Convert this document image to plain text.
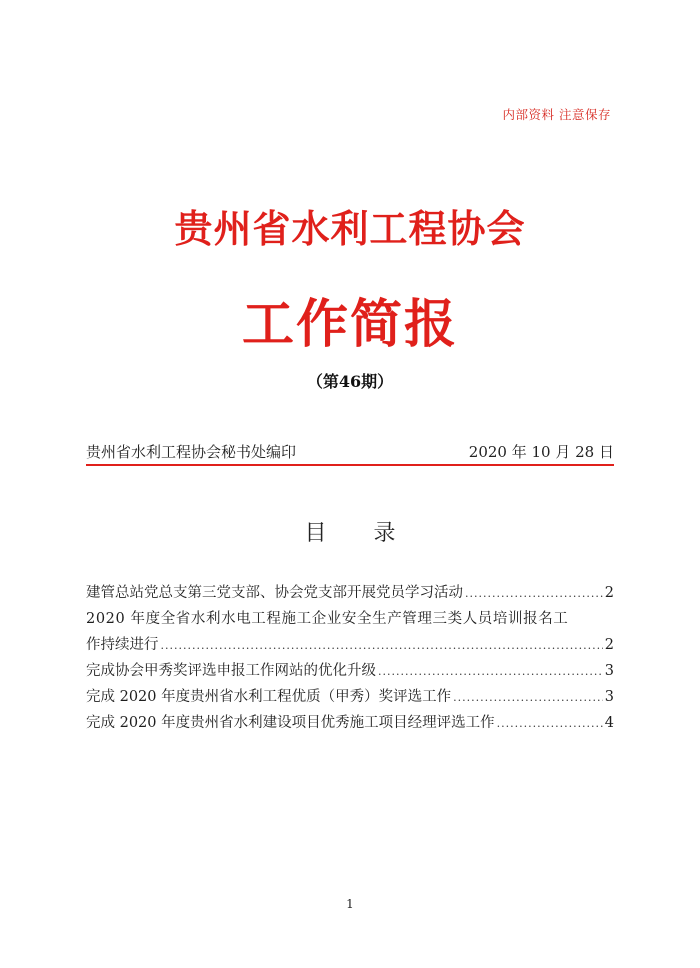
内部资料 注意保存
贵州省水利工程协会
工作简报
（第46期）
贵州省水利工程协会秘书处编印	2020 年 10 月 28 日
目 录
建管总站党总支第三党支部、协会党支部开展党员学习活动 .....	2
2020 年度全省水利水电工程施工企业安全生产管理三类人员培训报名工
作持续进行 .....	2
完成协会甲秀奖评选申报工作网站的优化升级 .....	3
完成 2020 年度贵州省水利工程优质（甲秀）奖评选工作 .....	3
完成 2020 年度贵州省水利建设项目优秀施工项目经理评选工作 .....	4
1
